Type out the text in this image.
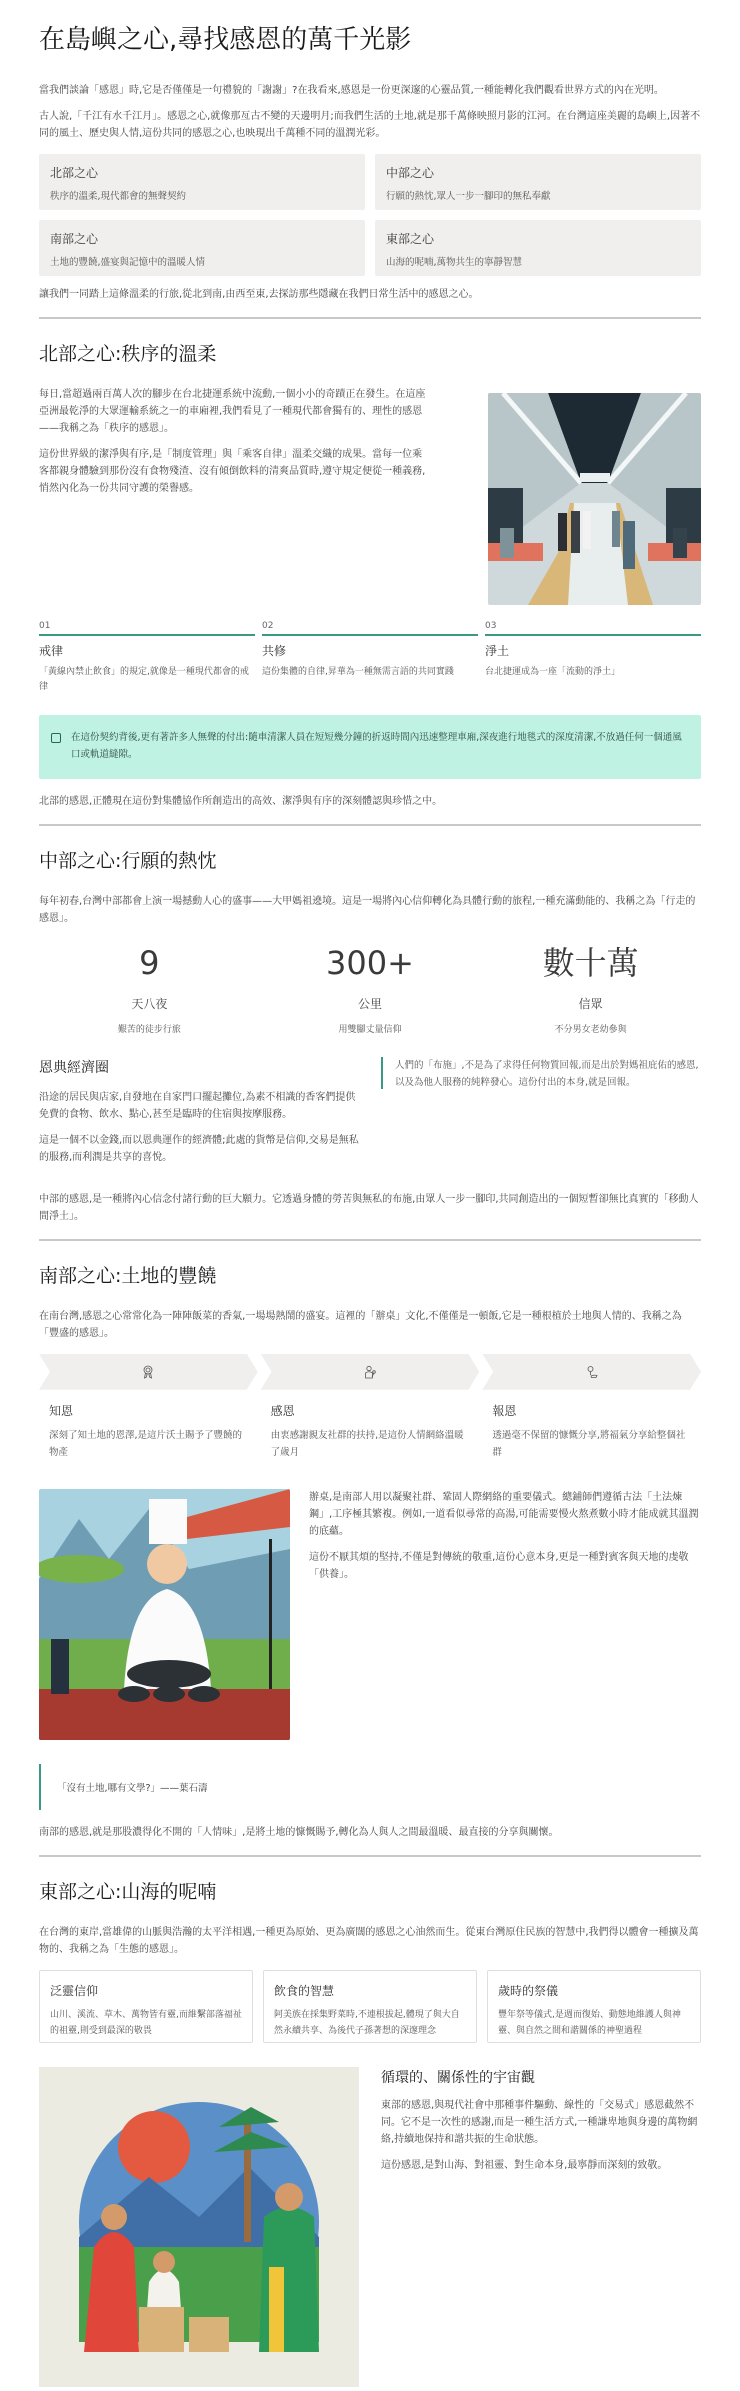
在島嶼之心,尋找感恩的萬千光影

當我們談論「感恩」時,它是否僅僅是一句禮貌的「謝謝」?在我看來,感恩是一份更深邃的心靈品質,一種能轉化我們觀看世界方式的內在光明。

古人說,「千江有水千江月」。感恩之心,就像那亙古不變的天邊明月;而我們生活的土地,就是那千萬條映照月影的江河。在台灣這座美麗的島嶼上,因著不同的風土、歷史與人情,這份共同的感恩之心,也映現出千萬種不同的溫潤光彩。

北部之心
秩序的溫柔,現代都會的無聲契約
中部之心
行願的熱忱,眾人一步一腳印的無私奉獻
南部之心
土地的豐饒,盛宴與記憶中的溫暖人情
東部之心
山海的呢喃,萬物共生的寧靜智慧

讓我們一同踏上這條溫柔的行旅,從北到南,由西至東,去探訪那些隱藏在我們日常生活中的感恩之心。

北部之心:秩序的溫柔

每日,當超過兩百萬人次的腳步在台北捷運系統中流動,一個小小的奇蹟正在發生。在這座亞洲最乾淨的大眾運輸系統之一的車廂裡,我們看見了一種現代都會獨有的、理性的感恩——我稱之為「秩序的感恩」。

這份世界級的潔淨與有序,是「制度管理」與「乘客自律」溫柔交織的成果。當每一位乘客都親身體驗到那份沒有食物殘渣、沒有傾倒飲料的清爽品質時,遵守規定便從一種義務,悄然內化為一份共同守護的榮譽感。

01
戒律
「黃線內禁止飲食」的規定,就像是一種現代都會的戒律
02
共修
這份集體的自律,昇華為一種無需言語的共同實踐
03
淨土
台北捷運成為一座「流動的淨土」
在這份契約背後,更有著許多人無聲的付出:隨車清潔人員在短短幾分鐘的折返時間內迅速整理車廂,深夜進行地毯式的深度清潔,不放過任何一個通風口或軌道縫隙。

北部的感恩,正體現在這份對集體協作所創造出的高效、潔淨與有序的深刻體認與珍惜之中。

中部之心:行願的熱忱

每年初春,台灣中部都會上演一場撼動人心的盛事——大甲媽祖遶境。這是一場將內心信仰轉化為具體行動的旅程,一種充滿動能的、我稱之為「行走的感恩」。

9
天八夜
艱苦的徒步行旅
300+
公里
用雙腳丈量信仰
數十萬
信眾
不分男女老幼參與
恩典經濟圈

沿途的居民與店家,自發地在自家門口擺起攤位,為素不相識的香客們提供免費的食物、飲水、點心,甚至是臨時的住宿與按摩服務。

這是一個不以金錢,而以恩典運作的經濟體;此處的貨幣是信仰,交易是無私的服務,而利潤是共享的喜悅。

人們的「布施」,不是為了求得任何物質回報,而是出於對媽祖庇佑的感恩,以及為他人服務的純粹發心。這份付出的本身,就是回報。

中部的感恩,是一種將內心信念付諸行動的巨大願力。它透過身體的勞苦與無私的布施,由眾人一步一腳印,共同創造出的一個短暫卻無比真實的「移動人間淨土」。

南部之心:土地的豐饒

在南台灣,感恩之心常常化為一陣陣飯菜的香氣,一場場熱鬧的盛宴。這裡的「辦桌」文化,不僅僅是一頓飯,它是一種根植於土地與人情的、我稱之為「豐盛的感恩」。

知恩
深刻了知土地的恩澤,是這片沃土賜予了豐饒的物產
感恩
由衷感謝親友社群的扶持,是這份人情網絡溫暖了歲月
報恩
透過毫不保留的慷慨分享,將福氣分享給整個社群

辦桌,是南部人用以凝聚社群、鞏固人際網絡的重要儀式。總鋪師們遵循古法「土法煉鋼」,工序極其繁複。例如,一道看似尋常的高湯,可能需要慢火熬煮數小時才能成就其溫潤的底蘊。

這份不厭其煩的堅持,不僅是對傳統的敬重,這份心意本身,更是一種對賓客與天地的虔敬「供養」。

「沒有土地,哪有文學?」——葉石濤

南部的感恩,就是那股濃得化不開的「人情味」,是將土地的慷慨賜予,轉化為人與人之間最溫暖、最直接的分享與關懷。

東部之心:山海的呢喃

在台灣的東岸,當雄偉的山脈與浩瀚的太平洋相遇,一種更為原始、更為廣闊的感恩之心油然而生。從東台灣原住民族的智慧中,我們得以體會一種擴及萬物的、我稱之為「生態的感恩」。

泛靈信仰
山川、溪流、草木、萬物皆有靈,而維繫部落福祉的祖靈,則受到最深的敬畏
飲食的智慧
阿美族在採集野菜時,不連根拔起,體現了與大自然永續共享、為後代子孫著想的深邃理念
歲時的祭儀
豐年祭等儀式,是週而復始、動態地維護人與神靈、與自然之間和諧關係的神聖過程
循環的、關係性的宇宙觀

東部的感恩,與現代社會中那種事件驅動、線性的「交易式」感恩截然不同。它不是一次性的感謝,而是一種生活方式,一種謙卑地與身邊的萬物網絡,持續地保持和諧共振的生命狀態。

這份感恩,是對山海、對祖靈、對生命本身,最寧靜而深刻的致敬。
